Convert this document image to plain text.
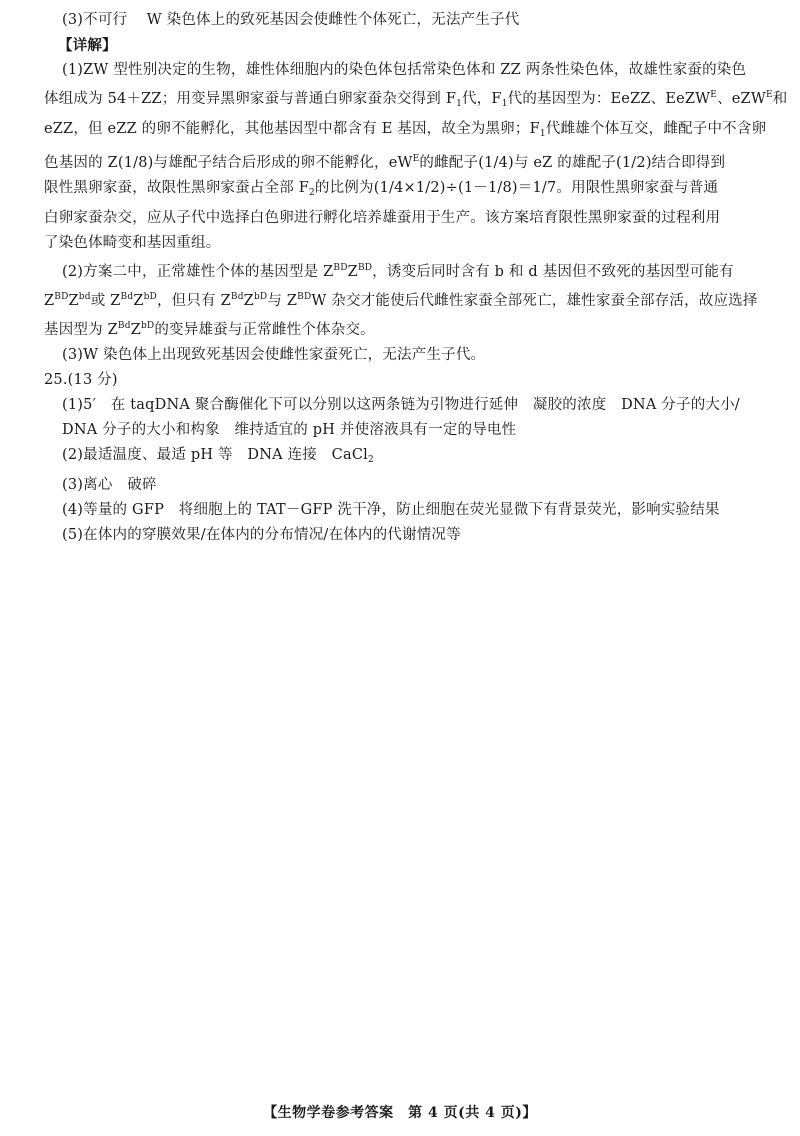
(3)不可行　 W 染色体上的致死基因会使雌性个体死亡，无法产生子代
【详解】
(1)ZW 型性别决定的生物，雄性体细胞内的染色体包括常染色体和 ZZ 两条性染色体，故雄性家蚕的染色
体组成为 54＋ZZ；用变异黑卵家蚕与普通白卵家蚕杂交得到 $F_1$代，$F_1$代的基因型为：EeZZ、EeZW$^E$、eZW$^E$和
eZZ，但 eZZ 的卵不能孵化，其他基因型中都含有 E 基因，故全为黑卵；$F_1$代雌雄个体互交，雌配子中不含卵
色基因的 Z(1/8)与雄配子结合后形成的卵不能孵化，$eW^E$的雌配子(1/4)与 eZ 的雄配子(1/2)结合即得到
限性黑卵家蚕，故限性黑卵家蚕占全部 $F_2$的比例为(1/4×1/2)÷(1－1/8)＝1/7。用限性黑卵家蚕与普通
白卵家蚕杂交，应从子代中选择白色卵进行孵化培养雄蚕用于生产。该方案培育限性黑卵家蚕的过程利用
了染色体畸变和基因重组。
(2)方案二中，正常雄性个体的基因型是 $Z^{BD}Z^{BD}$，诱变后同时含有 b 和 d 基因但不致死的基因型可能有
$Z^{BD}Z^{bd}$或 $Z^{Bd}Z^{bD}$，但只有 $Z^{Bd}Z^{bD}$与 $Z^{BD}W$ 杂交才能使后代雌性家蚕全部死亡，雄性家蚕全部存活，故应选择
基因型为 $Z^{Bd}Z^{bD}$的变异雄蚕与正常雌性个体杂交。
(3)W 染色体上出现致死基因会使雌性家蚕死亡，无法产生子代。
25.(13 分)
(1)5′　在 taqDNA 聚合酶催化下可以分别以这两条链为引物进行延伸　凝胶的浓度　DNA 分子的大小/
DNA 分子的大小和构象　维持适宜的 pH 并使溶液具有一定的导电性
(2)最适温度、最适 pH 等　DNA 连接　CaCl$_2$
(3)离心　破碎
(4)等量的 GFP　将细胞上的 TAT－GFP 洗干净，防止细胞在荧光显微下有背景荧光，影响实验结果
(5)在体内的穿膜效果/在体内的分布情况/在体内的代谢情况等
【生物学卷参考答案　第 4 页(共 4 页)】
